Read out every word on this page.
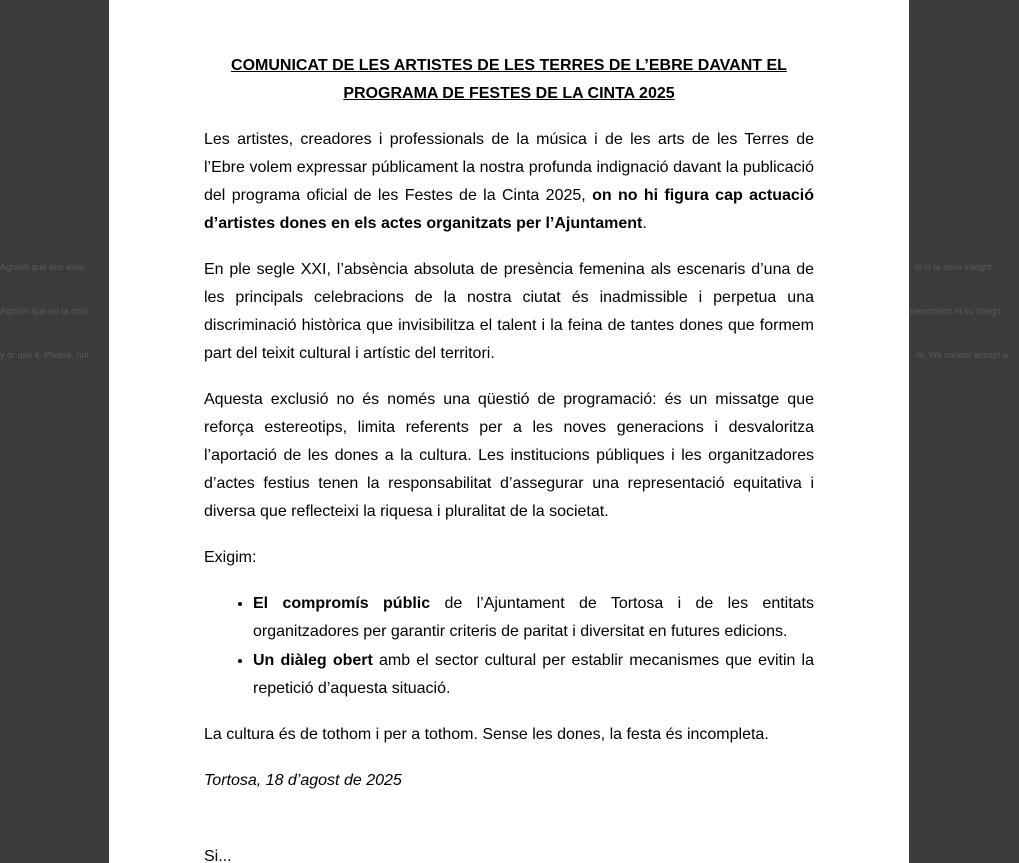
Agraïm que ens avisi
Agraïm que no la còpi
y or use it. Please, not
nt ni la seva integrit
transmitirn ni su integri
nt. We cannot accept a
COMUNICAT DE LES ARTISTES DE LES TERRES DE L’EBRE DAVANT EL
PROGRAMA DE FESTES DE LA CINTA 2025

Les artistes, creadores i professionals de la música i de les arts de les Terres de l’Ebre volem expressar públicament la nostra profunda indignació davant la publicació del programa oficial de les Festes de la Cinta 2025, on no hi figura cap actuació d’artistes dones en els actes organitzats per l’Ajuntament.

En ple segle XXI, l’absència absoluta de presència femenina als escenaris d’una de les principals celebracions de la nostra ciutat és inadmissible i perpetua una discriminació històrica que invisibilitza el talent i la feina de tantes dones que formem part del teixit cultural i artístic del territori.

Aquesta exclusió no és només una qüestió de programació: és un missatge que reforça estereotips, limita referents per a les noves generacions i desvaloritza l’aportació de les dones a la cultura. Les institucions públiques i les organitzadores d’actes festius tenen la responsabilitat d’assegurar una representació equitativa i diversa que reflecteixi la riquesa i pluralitat de la societat.

Exigim:

• El compromís públic de l’Ajuntament de Tortosa i de les entitats organitzadores per garantir criteris de paritat i diversitat en futures edicions.
• Un diàleg obert amb el sector cultural per establir mecanismes que evitin la repetició d’aquesta situació.

La cultura és de tothom i per a tothom. Sense les dones, la festa és incompleta.

Tortosa, 18 d’agost de 2025

Si...
